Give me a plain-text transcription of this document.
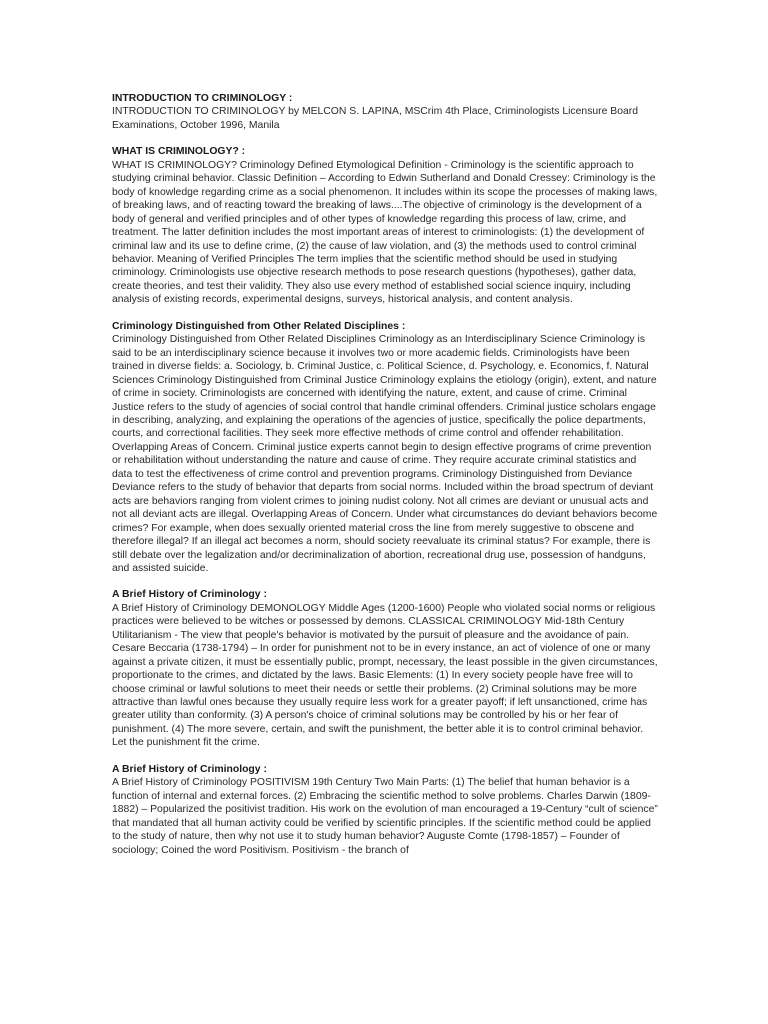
INTRODUCTION TO CRIMINOLOGY :
INTRODUCTION TO CRIMINOLOGY by MELCON S. LAPINA, MSCrim 4th Place, Criminologists Licensure Board Examinations, October 1996, Manila
WHAT IS CRIMINOLOGY? :
WHAT IS CRIMINOLOGY? Criminology Defined Etymological Definition - Criminology is the scientific approach to studying criminal behavior. Classic Definition – According to Edwin Sutherland and Donald Cressey: Criminology is the body of knowledge regarding crime as a social phenomenon. It includes within its scope the processes of making laws, of breaking laws, and of reacting toward the breaking of laws....The objective of criminology is the development of a body of general and verified principles and of other types of knowledge regarding this process of law, crime, and treatment. The latter definition includes the most important areas of interest to criminologists: (1) the development of criminal law and its use to define crime, (2) the cause of law violation, and (3) the methods used to control criminal behavior. Meaning of Verified Principles The term implies that the scientific method should be used in studying criminology. Criminologists use objective research methods to pose research questions (hypotheses), gather data, create theories, and test their validity. They also use every method of established social science inquiry, including analysis of existing records, experimental designs, surveys, historical analysis, and content analysis.
Criminology Distinguished from Other Related Disciplines :
Criminology Distinguished from Other Related Disciplines Criminology as an Interdisciplinary Science Criminology is said to be an interdisciplinary science because it involves two or more academic fields. Criminologists have been trained in diverse fields: a. Sociology, b. Criminal Justice, c. Political Science, d. Psychology, e. Economics, f. Natural Sciences Criminology Distinguished from Criminal Justice Criminology explains the etiology (origin), extent, and nature of crime in society. Criminologists are concerned with identifying the nature, extent, and cause of crime. Criminal Justice refers to the study of agencies of social control that handle criminal offenders. Criminal justice scholars engage in describing, analyzing, and explaining the operations of the agencies of justice, specifically the police departments, courts, and correctional facilities. They seek more effective methods of crime control and offender rehabilitation. Overlapping Areas of Concern. Criminal justice experts cannot begin to design effective programs of crime prevention or rehabilitation without understanding the nature and cause of crime. They require accurate criminal statistics and data to test the effectiveness of crime control and prevention programs. Criminology Distinguished from Deviance Deviance refers to the study of behavior that departs from social norms. Included within the broad spectrum of deviant acts are behaviors ranging from violent crimes to joining nudist colony. Not all crimes are deviant or unusual acts and not all deviant acts are illegal. Overlapping Areas of Concern. Under what circumstances do deviant behaviors become crimes? For example, when does sexually oriented material cross the line from merely suggestive to obscene and therefore illegal? If an illegal act becomes a norm, should society reevaluate its criminal status? For example, there is still debate over the legalization and/or decriminalization of abortion, recreational drug use, possession of handguns, and assisted suicide.
A Brief History of Criminology :
A Brief History of Criminology DEMONOLOGY Middle Ages (1200-1600) People who violated social norms or religious practices were believed to be witches or possessed by demons. CLASSICAL CRIMINOLOGY Mid-18th Century Utilitarianism - The view that people's behavior is motivated by the pursuit of pleasure and the avoidance of pain. Cesare Beccaria (1738-1794) – In order for punishment not to be in every instance, an act of violence of one or many against a private citizen, it must be essentially public, prompt, necessary, the least possible in the given circumstances, proportionate to the crimes, and dictated by the laws. Basic Elements: (1) In every society people have free will to choose criminal or lawful solutions to meet their needs or settle their problems. (2) Criminal solutions may be more attractive than lawful ones because they usually require less work for a greater payoff; if left unsanctioned, crime has greater utility than conformity. (3) A person's choice of criminal solutions may be controlled by his or her fear of punishment. (4) The more severe, certain, and swift the punishment, the better able it is to control criminal behavior. Let the punishment fit the crime.
A Brief History of Criminology :
A Brief History of Criminology POSITIVISM 19th Century Two Main Parts: (1) The belief that human behavior is a function of internal and external forces. (2) Embracing the scientific method to solve problems. Charles Darwin (1809-1882) – Popularized the positivist tradition. His work on the evolution of man encouraged a 19-Century “cult of science” that mandated that all human activity could be verified by scientific principles. If the scientific method could be applied to the study of nature, then why not use it to study human behavior? Auguste Comte (1798-1857) – Founder of sociology; Coined the word Positivism. Positivism - the branch of
